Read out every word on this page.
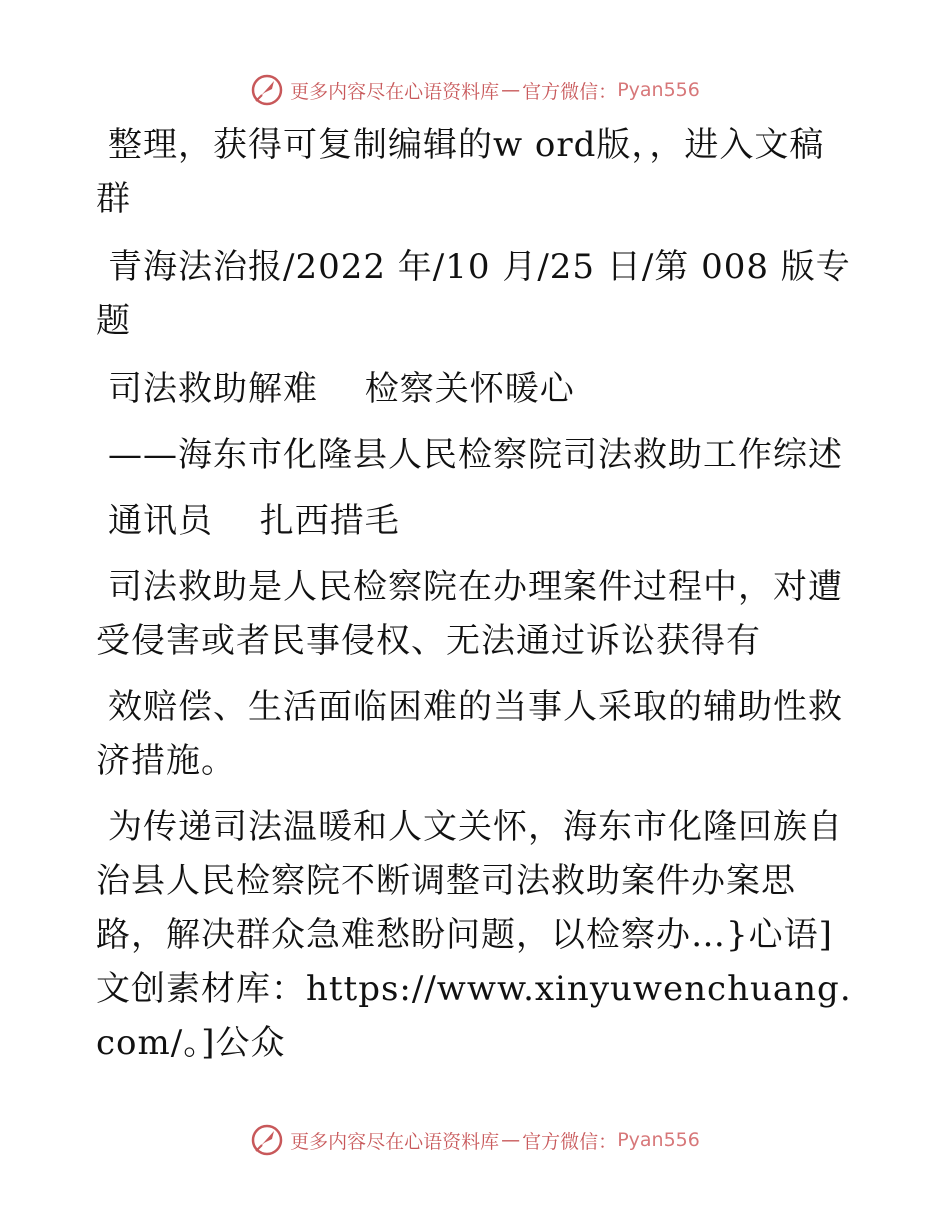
更多内容尽在心语资料库 — 官方微信： Pyan556

整理，获得可复制编辑的w ord版，，进入文稿群

青海法治报/2022 年/10 月/25 日/第 008 版专题

司法救助解难　 检察关怀暖心

——海东市化隆县人民检察院司法救助工作综述

通讯员　 扎西措毛

司法救助是人民检察院在办理案件过程中，对遭受侵害或者民事侵权、无法通过诉讼获得有

效赔偿、生活面临困难的当事人采取的辅助性救济措施。

为传递司法温暖和人文关怀，海东市化隆回族自治县人民检察院不断调整司法救助案件办案思路，解决群众急难愁盼问题，以检察办…}心语]文创素材库：https://www.xinyuwenchuang.com/。]公众

更多内容尽在心语资料库 — 官方微信： Pyan556
